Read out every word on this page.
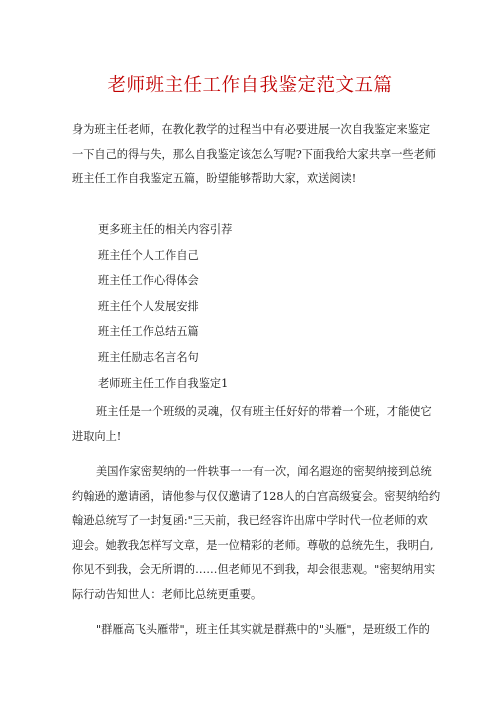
老师班主任工作自我鉴定范文五篇
身为班主任老师，在教化教学的过程当中有必要进展一次自我鉴定来鉴定
一下自己的得与失，那么自我鉴定该怎么写呢?下面我给大家共享一些老师
班主任工作自我鉴定五篇，盼望能够帮助大家，欢送阅读!
更多班主任的相关内容引荐
班主任个人工作自己
班主任工作心得体会
班主任个人发展安排
班主任工作总结五篇
班主任励志名言名句
老师班主任工作自我鉴定1
班主任是一个班级的灵魂，仅有班主任好好的带着一个班，才能使它
进取向上!
美国作家密契纳的一件轶事一一有一次，闻名遐迩的密契纳接到总统
约翰逊的邀请函，请他参与仅仅邀请了128人的白宫高级宴会。密契纳给约
翰逊总统写了一封复函:"三天前，我已经容许出席中学时代一位老师的欢
迎会。她教我怎样写文章，是一位精彩的老师。尊敬的总统先生，我明白,
你见不到我，会无所谓的……但老师见不到我，却会很悲观。"密契纳用实
际行动告知世人：老师比总统更重要。
"群雁高飞头雁带"，班主任其实就是群燕中的"头雁"，是班级工作的
